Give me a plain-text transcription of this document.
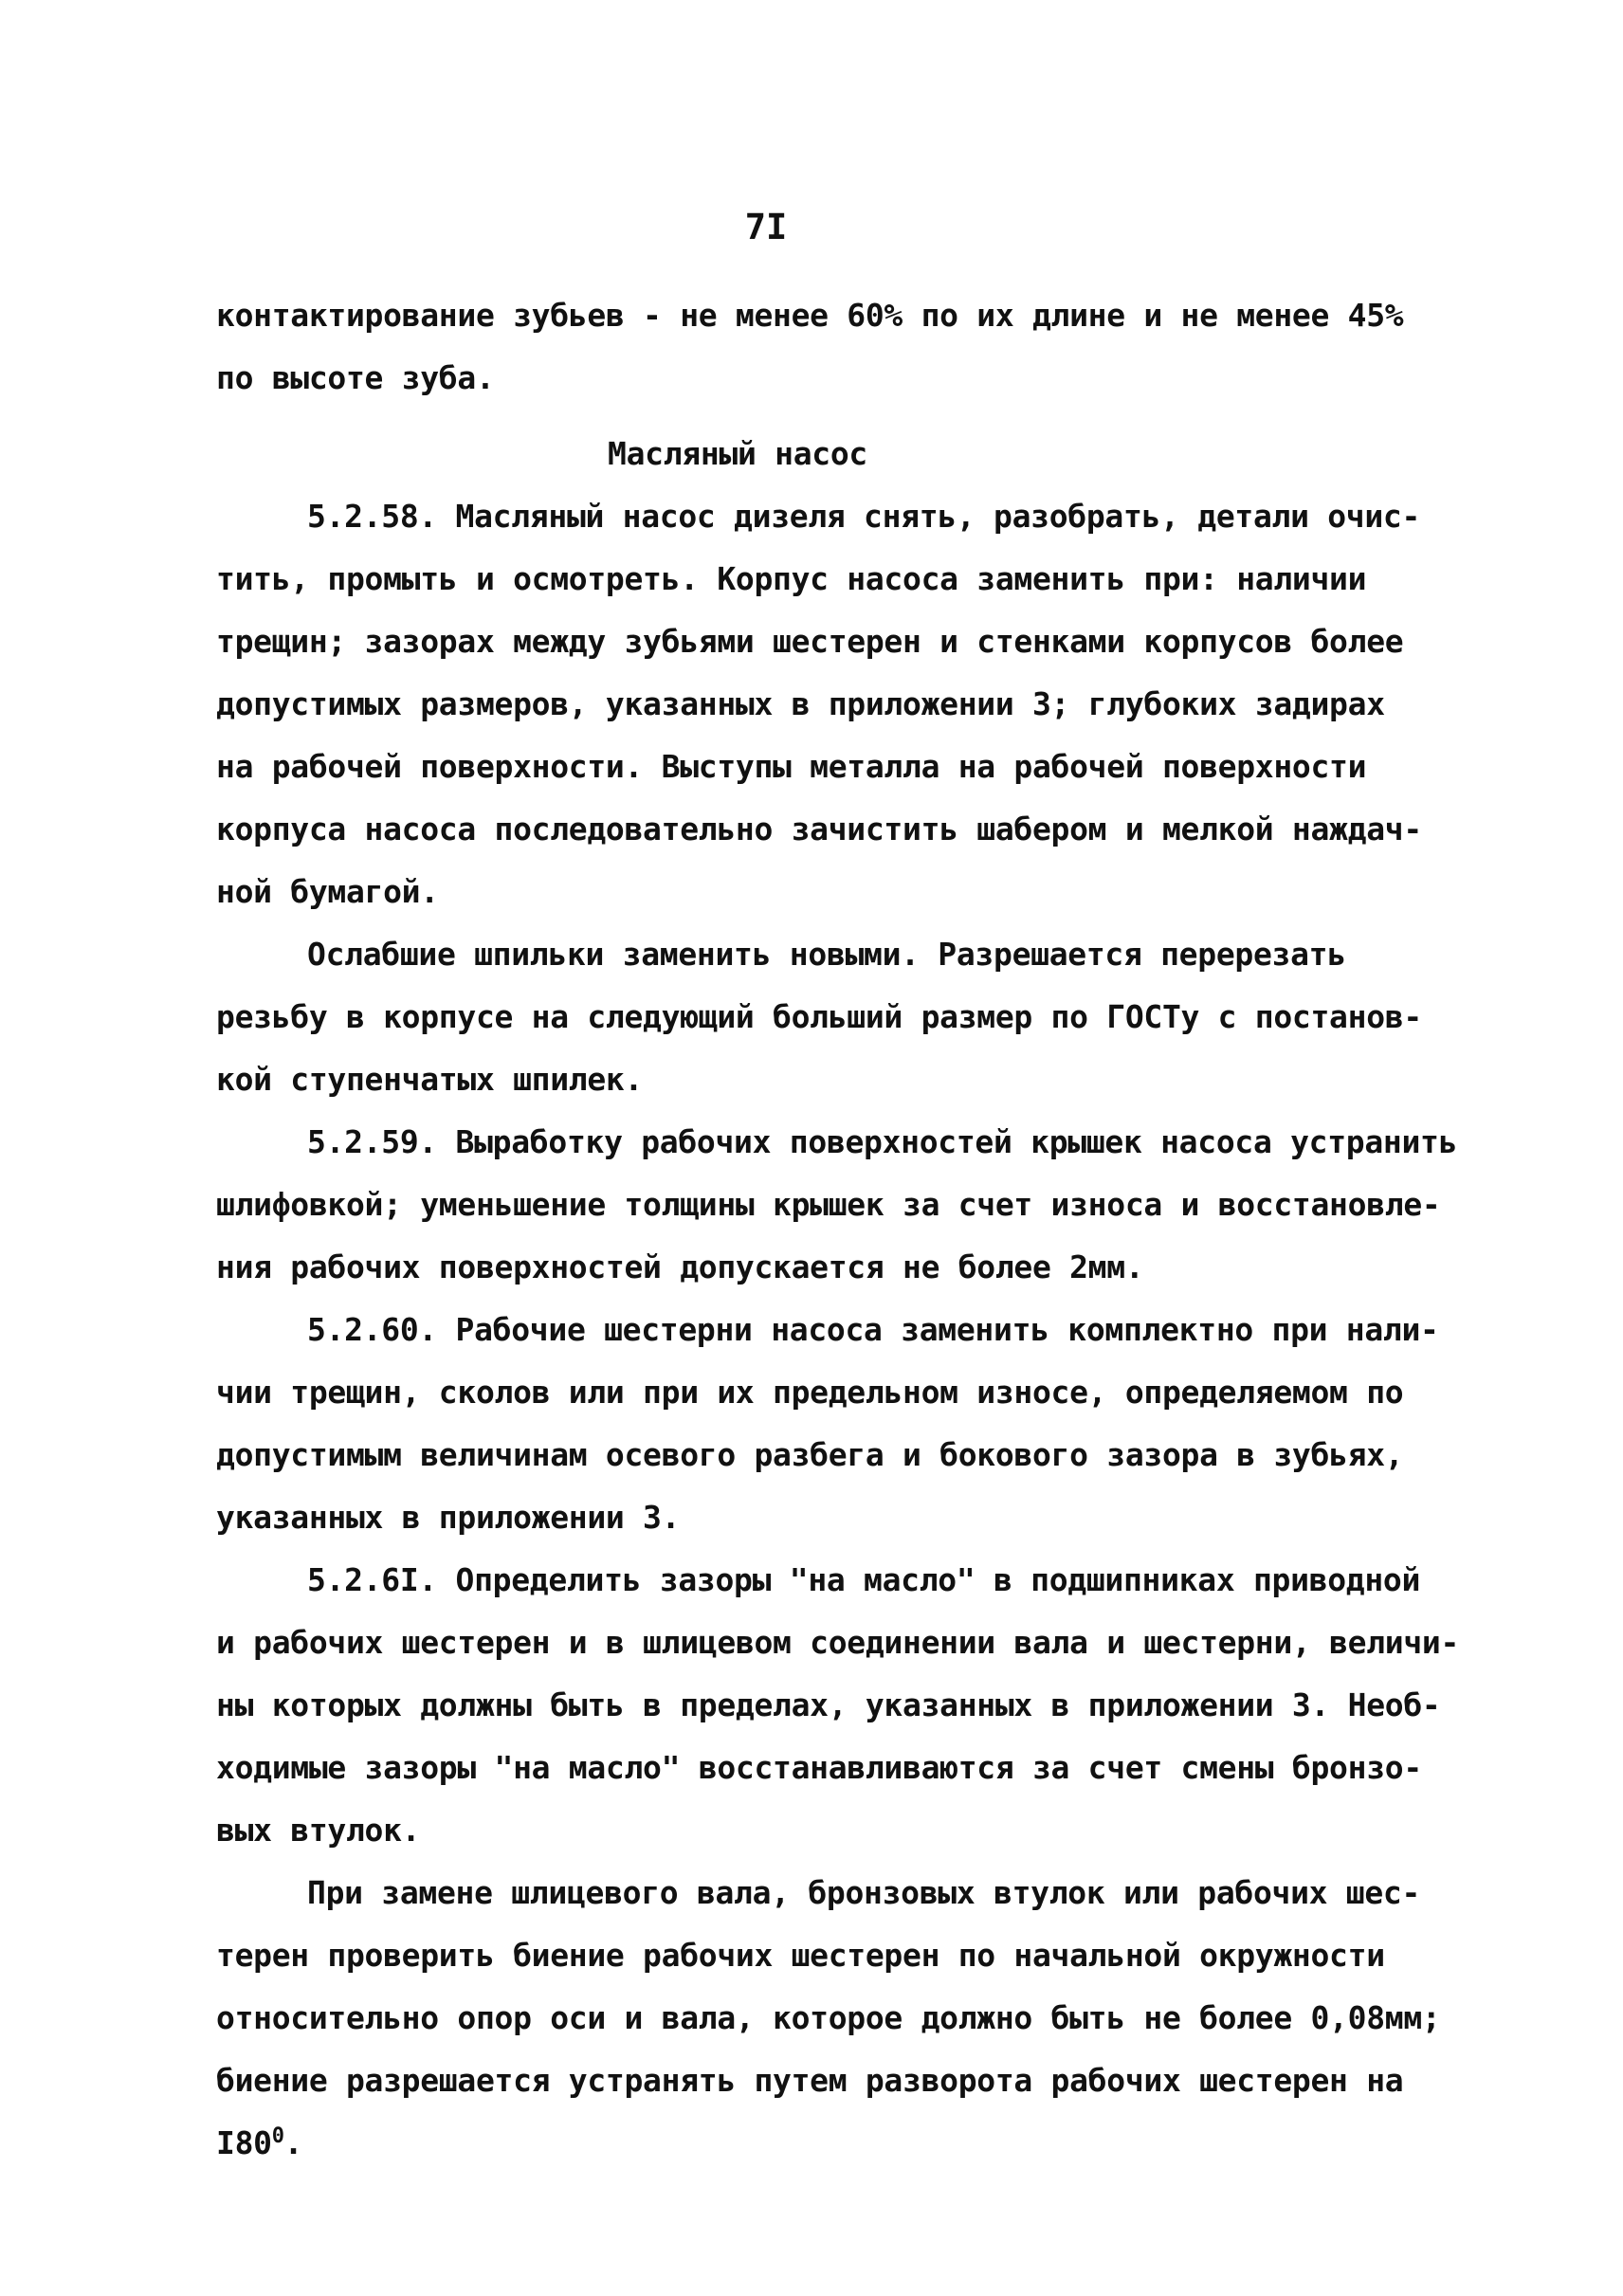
7I
контактирование зубьев - не менее 60% по их длине и не менее 45%
по высоте зуба.
Масляный насос
5.2.58. Масляный насос дизеля снять, разобрать, детали очис-
тить, промыть и осмотреть. Корпус насоса заменить при: наличии
трещин; зазорах между зубьями шестерен и стенками корпусов более
допустимых размеров, указанных в приложении 3; глубоких задирах
на рабочей поверхности. Выступы металла на рабочей поверхности
корпуса насоса последовательно зачистить шабером и мелкой наждач-
ной бумагой.
Ослабшие шпильки заменить новыми. Разрешается перерезать
резьбу в корпусе на следующий больший размер по ГОСТу с постанов-
кой ступенчатых шпилек.
5.2.59. Выработку рабочих поверхностей крышек насоса устранить
шлифовкой; уменьшение толщины крышек за счет износа и восстановле-
ния рабочих поверхностей допускается не более 2мм.
5.2.60. Рабочие шестерни насоса заменить комплектно при нали-
чии трещин, сколов или при их предельном износе, определяемом по
допустимым величинам осевого разбега и бокового зазора в зубьях,
указанных в приложении 3.
5.2.6I. Определить зазоры "на масло" в подшипниках приводной
и рабочих шестерен и в шлицевом соединении вала и шестерни, величи-
ны которых должны быть в пределах, указанных в приложении 3. Необ-
ходимые зазоры "на масло" восстанавливаются за счет смены бронзо-
вых втулок.
При замене шлицевого вала, бронзовых втулок или рабочих шес-
терен проверить биение рабочих шестерен по начальной окружности
относительно опор оси и вала, которое должно быть не более 0,08мм;
биение разрешается устранять путем разворота рабочих шестерен на
$I80^0$.
